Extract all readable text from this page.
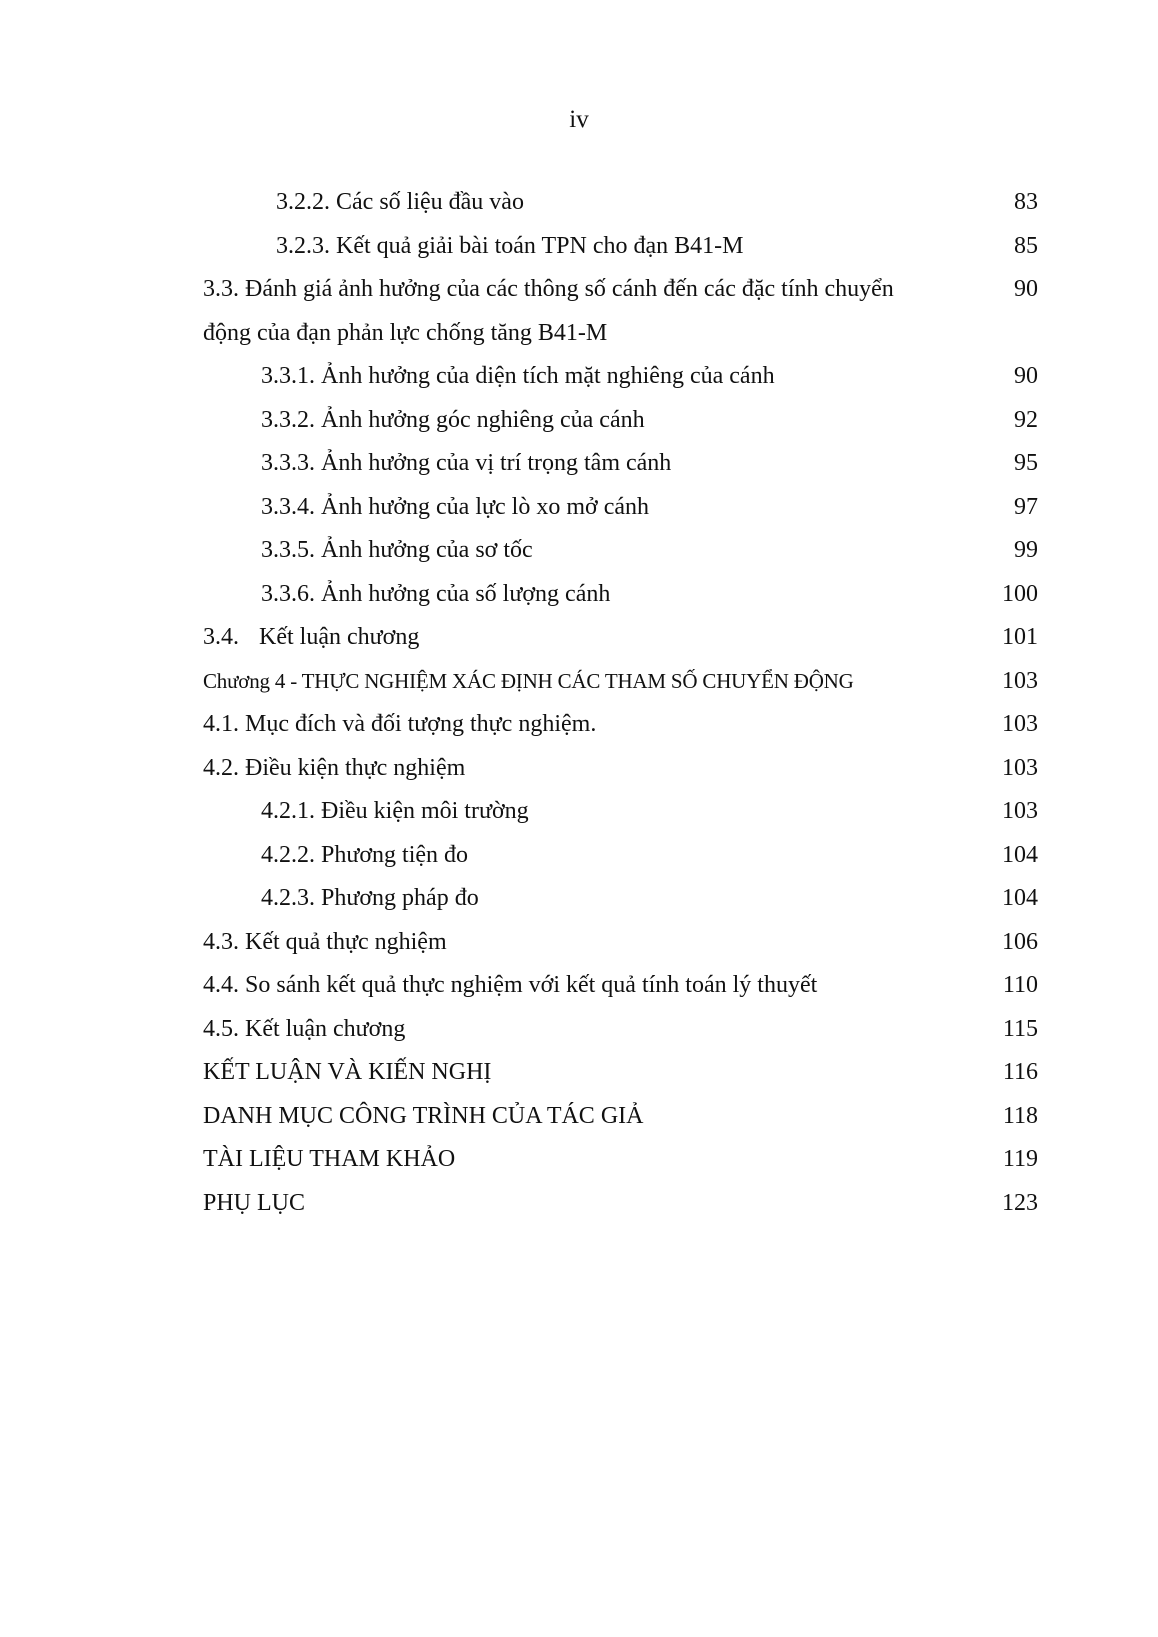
iv
3.2.2. Các số liệu đầu vào	83
3.2.3. Kết quả giải bài toán TPN cho đạn B41-M	85
3.3. Đánh giá ảnh hưởng của các thông số cánh đến các đặc tính chuyển	90
động của đạn phản lực chống tăng B41-M
3.3.1. Ảnh hưởng của diện tích mặt nghiêng của cánh	90
3.3.2. Ảnh hưởng góc nghiêng của cánh	92
3.3.3. Ảnh hưởng của vị trí trọng tâm cánh	95
3.3.4. Ảnh hưởng của lực lò xo mở cánh	97
3.3.5. Ảnh hưởng của sơ tốc	99
3.3.6. Ảnh hưởng của số lượng cánh	100
3.4. Kết luận chương	101
Chương 4 - THỰC NGHIỆM XÁC ĐỊNH CÁC THAM SỐ CHUYỂN ĐỘNG	103
4.1. Mục đích và đối tượng thực nghiệm.	103
4.2. Điều kiện thực nghiệm	103
4.2.1. Điều kiện môi trường	103
4.2.2. Phương tiện đo	104
4.2.3. Phương pháp đo	104
4.3. Kết quả thực nghiệm	106
4.4. So sánh kết quả thực nghiệm với kết quả tính toán lý thuyết	110
4.5. Kết luận chương	115
KẾT LUẬN VÀ KIẾN NGHỊ	116
DANH MỤC CÔNG TRÌNH CỦA TÁC GIẢ	118
TÀI LIỆU THAM KHẢO	119
PHỤ LỤC	123
